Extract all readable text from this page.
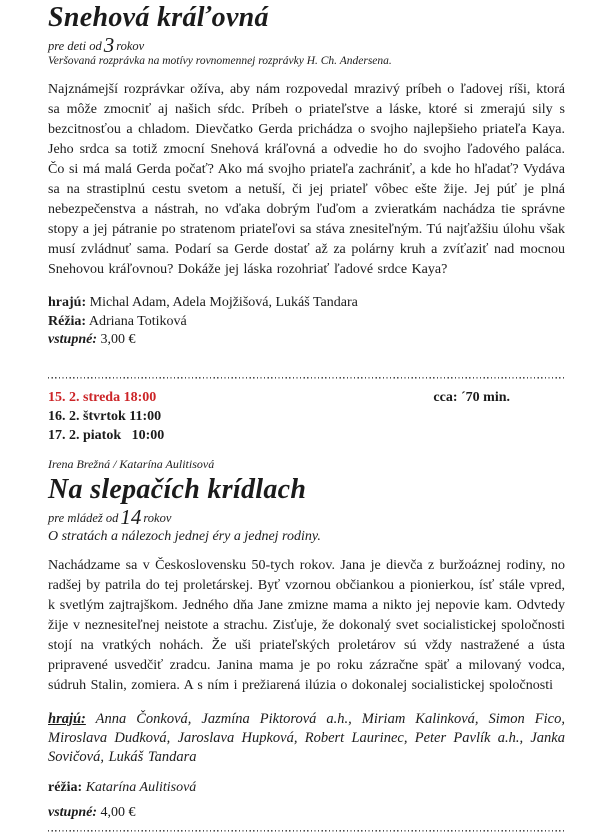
Snehová kráľovná
pre deti od3 rokov
Veršovaná rozprávka na motívy rovnomennej rozprávky H. Ch. Andersena.

Najznámejší rozprávkar ožíva, aby nám rozpovedal mrazivý príbeh o ľadovej ríši, ktorá sa môže zmocniť aj našich sŕdc. Príbeh o priateľstve a láske, ktoré si zmerajú sily s bezcitnosťou a chladom. Dievčatko Gerda prichádza o svojho najlepšieho priateľa Kaya. Jeho srdca sa totiž zmocní Snehová kráľovná a odvedie ho do svojho ľadového paláca. Čo si má malá Gerda počať? Ako má svojho priateľa zachrániť, a kde ho hľadať? Vydáva sa na strastiplnú cestu svetom a netuší, či jej priateľ vôbec ešte žije. Jej púť je plná nebezpečenstva a nástrah, no vďaka dobrým ľuďom a zvieratkám nachádza tie správne stopy a jej pátranie po stratenom priateľovi sa stáva znesiteľným. Tú najťažšiu úlohu však musí zvládnuť sama. Podarí sa Gerde dostať až za polárny kruh a zvíťaziť nad mocnou Snehovou kráľovnou? Dokáže jej láska rozohriať ľadové srdce Kaya?

hrajú: Michal Adam, Adela Mojžišová, Lukáš Tandara
Réžia: Adriana Totiková
vstupné: 3,00 €
15. 2. streda 18:00	cca: ´70 min.
16. 2. štvrtok 11:00
17. 2. piatok   10:00
Irena Brežná / Katarína Aulitisová
Na slepačích krídlach
pre mládež od14 rokov
O stratách a nálezoch jednej éry a jednej rodiny.

Nachádzame sa v Československu 50-tych rokov. Jana je dievča z buržoáznej rodiny, no radšej by patrila do tej proletárskej. Byť vzornou občiankou a pionierkou, ísť stále vpred, k svetlým zajtrajškom. Jedného dňa Jane zmizne mama a nikto jej nepovie kam. Odvtedy žije v neznesiteľnej neistote a strachu. Zisťuje, že dokonalý svet socialistickej spoločnosti stojí na vratkých nohách. Že uši priateľských proletárov sú vždy nastražené a ústa pripravené usvedčiť zradcu. Janina mama je po roku zázračne späť a milovaný vodca, súdruh Stalin, zomiera. A s ním i prežiarená ilúzia o dokonalej socialistickej spoločnosti

hrajú: Anna Čonková, Jazmína Piktorová a.h., Miriam Kalinková, Simon Fico, Miroslava Dudková, Jaroslava Hupková, Robert Laurinec, Peter Pavlík a.h., Janka Sovičová, Lukáš Tandara
réžia: Katarína Aulitisová
vstupné: 4,00 €
